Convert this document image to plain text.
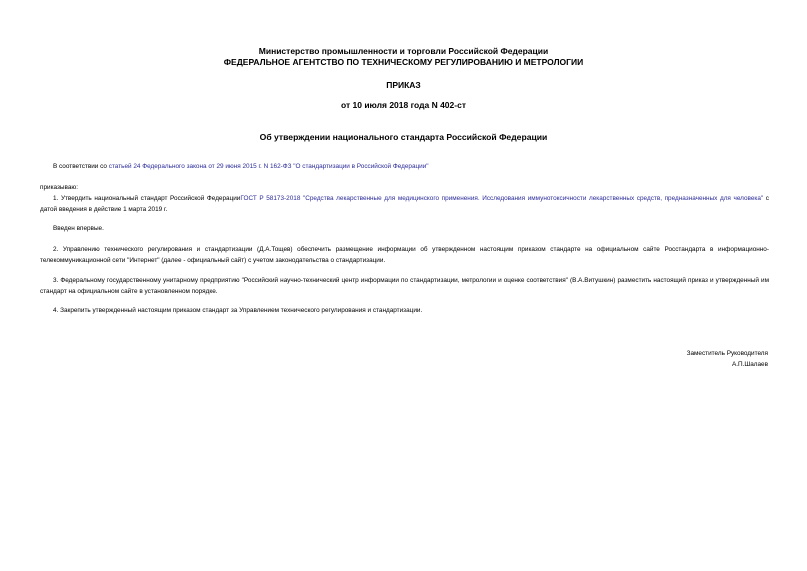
Министерство промышленности и торговли Российской Федерации
ФЕДЕРАЛЬНОЕ АГЕНТСТВО ПО ТЕХНИЧЕСКОМУ РЕГУЛИРОВАНИЮ И МЕТРОЛОГИИ
ПРИКАЗ
от 10 июля 2018 года N 402-ст
Об утверждении национального стандарта Российской Федерации
В соответствии со статьей 24 Федерального закона от 29 июня 2015 г. N 162-ФЗ "О стандартизации в Российской Федерации"
приказываю:
1. Утвердить национальный стандарт Российской ФедерацииГОСТ Р 58173-2018 "Средства лекарственные для медицинского применения. Исследования иммунотоксичности лекарственных средств, предназначенных для человека" с датой введения в действие 1 марта 2019 г.
Введен впервые.
2. Управлению технического регулирования и стандартизации (Д.А.Тощев) обеспечить размещение информации об утвержденном настоящим приказом стандарте на официальном сайте Росстандарта в информационно-телекоммуникационной сети "Интернет" (далее - официальный сайт) с учетом законодательства о стандартизации.
3. Федеральному государственному унитарному предприятию "Российский научно-технический центр информации по стандартизации, метрологии и оценке соответствия" (В.А.Витушкин) разместить настоящий приказ и утвержденный им стандарт на официальном сайте в установленном порядке.
4. Закрепить утвержденный настоящим приказом стандарт за Управлением технического регулирования и стандартизации.
Заместитель Руководителя
А.П.Шалаев
